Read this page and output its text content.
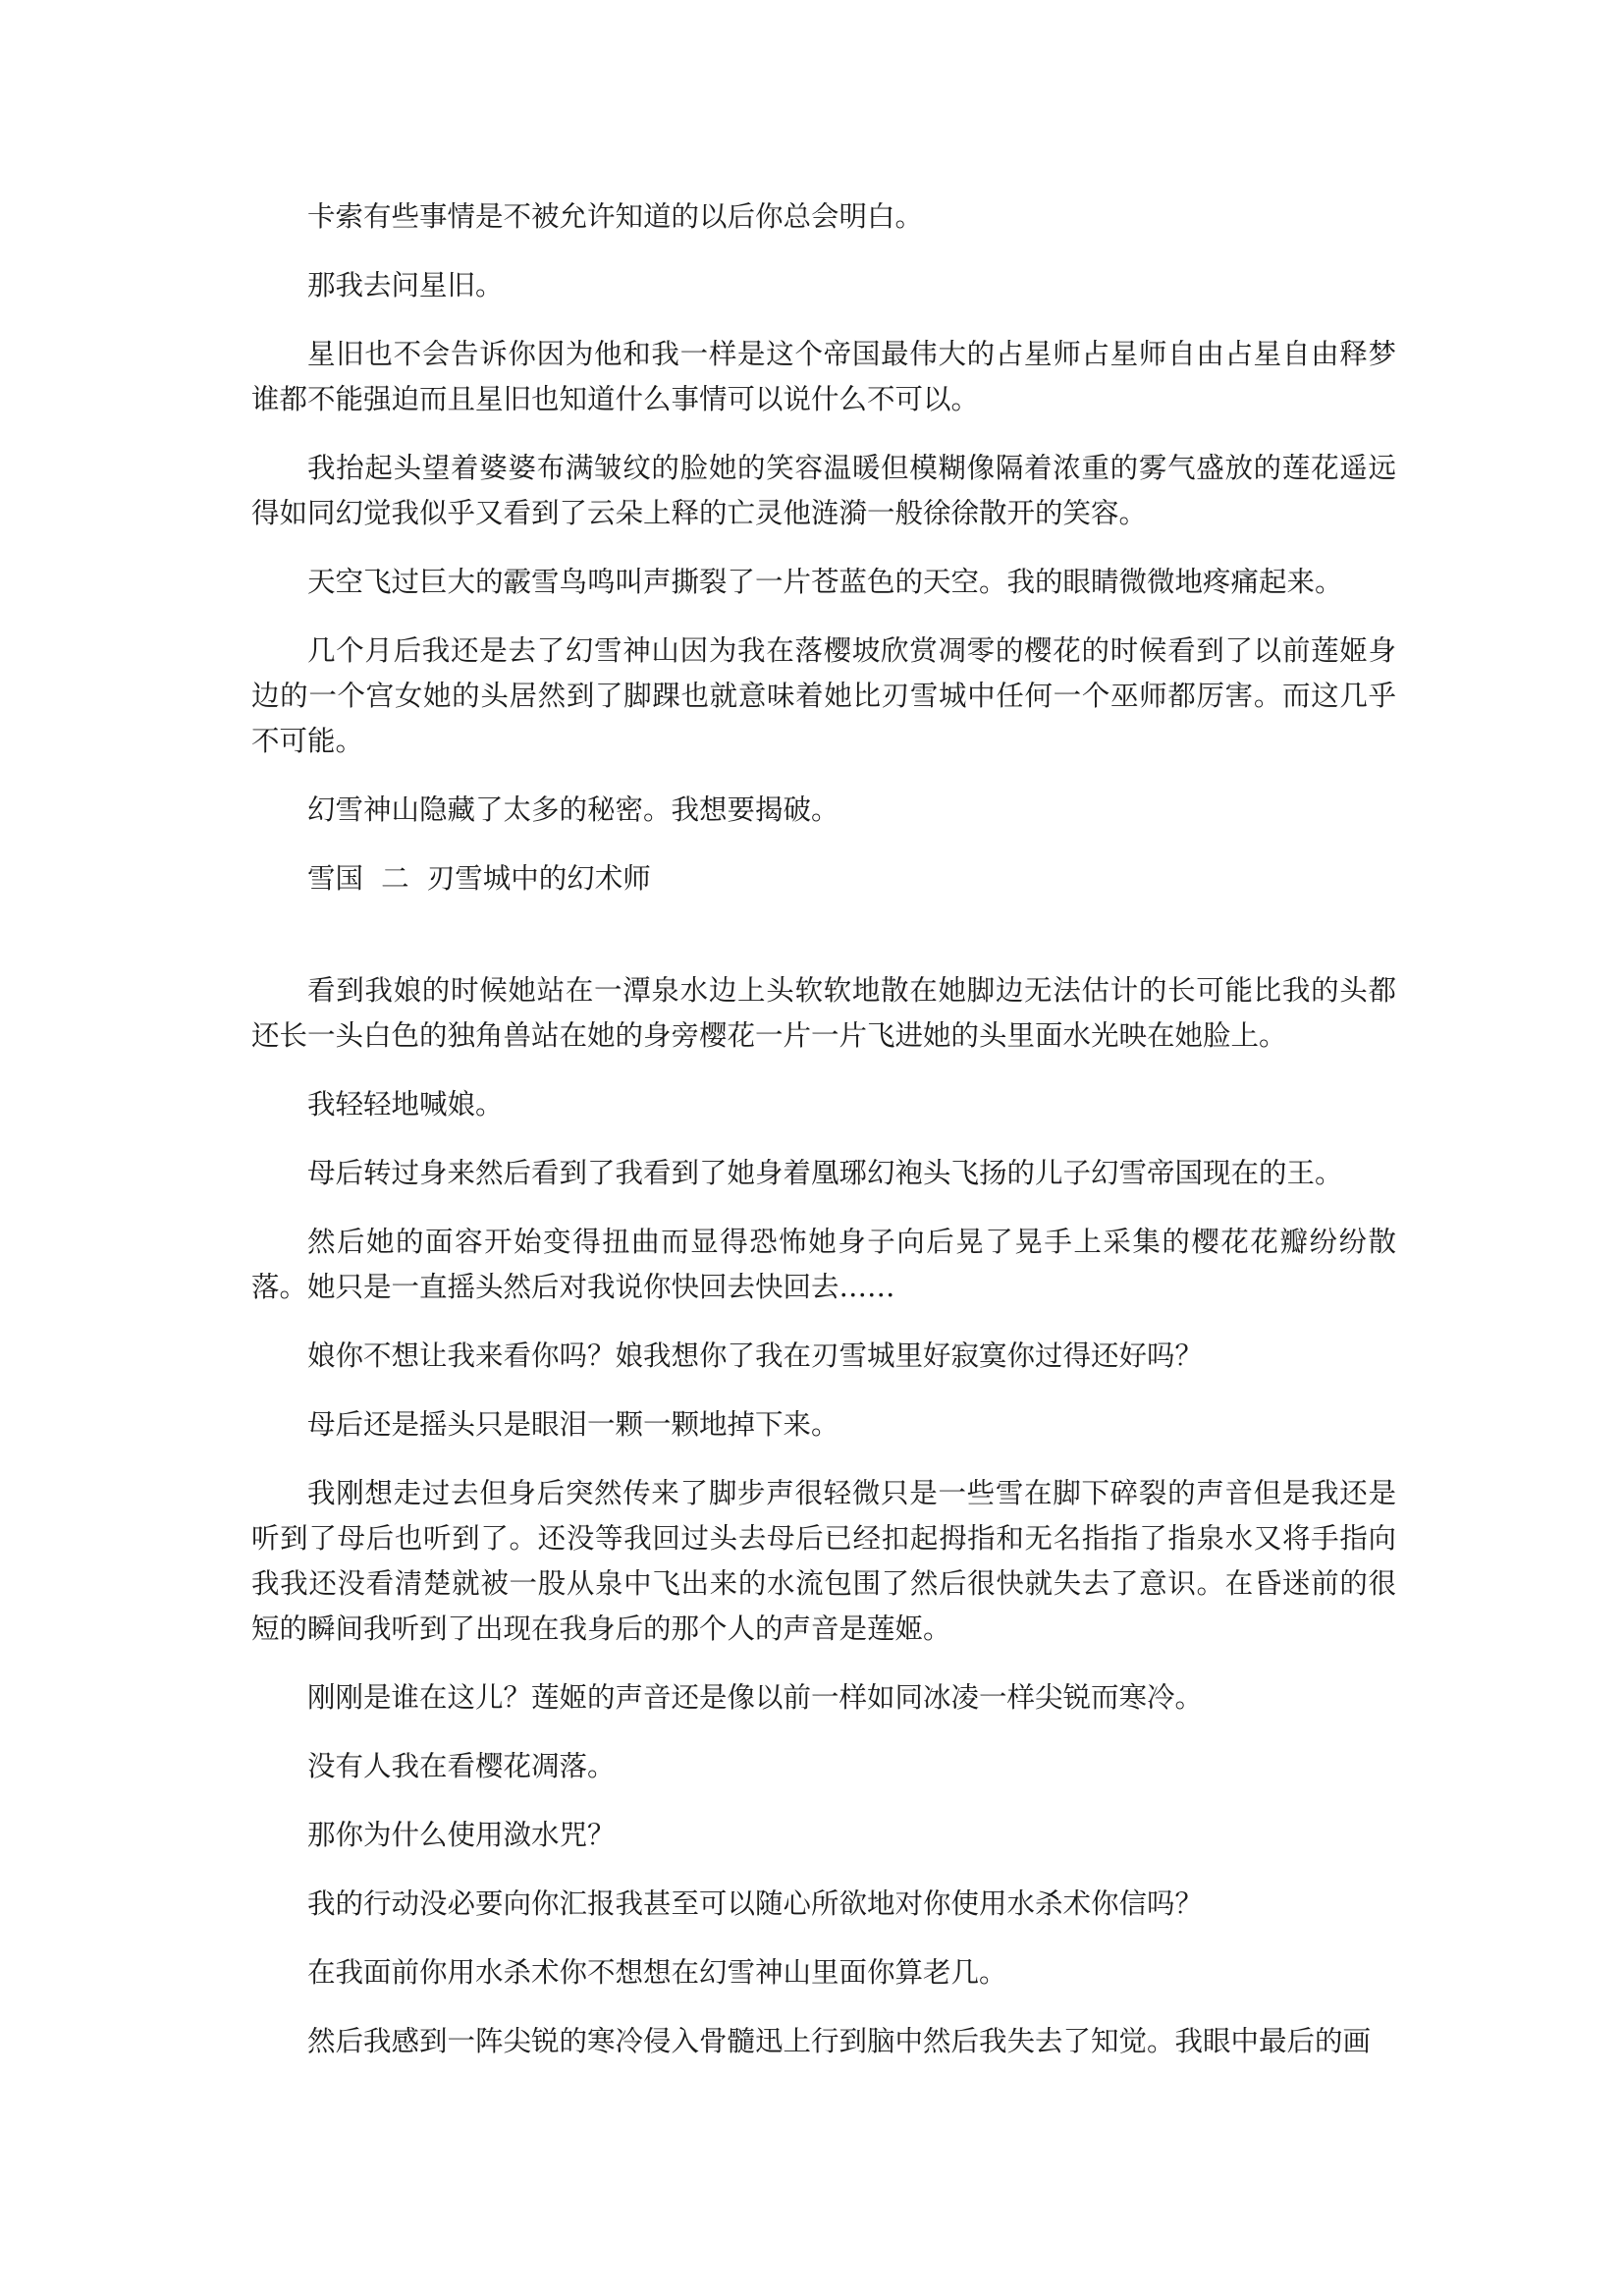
卡索有些事情是不被允许知道的以后你总会明白。

那我去问星旧。

星旧也不会告诉你因为他和我一样是这个帝国最伟大的占星师占星师自由占星自由释梦谁都不能强迫而且星旧也知道什么事情可以说什么不可以。

我抬起头望着婆婆布满皱纹的脸她的笑容温暖但模糊像隔着浓重的雾气盛放的莲花遥远得如同幻觉我似乎又看到了云朵上释的亡灵他涟漪一般徐徐散开的笑容。

天空飞过巨大的霰雪鸟鸣叫声撕裂了一片苍蓝色的天空。我的眼睛微微地疼痛起来。

几个月后我还是去了幻雪神山因为我在落樱坡欣赏凋零的樱花的时候看到了以前莲姬身边的一个宫女她的头居然到了脚踝也就意味着她比刃雪城中任何一个巫师都厉害。而这几乎不可能。

幻雪神山隐藏了太多的秘密。我想要揭破。

雪国  二  刃雪城中的幻术师

看到我娘的时候她站在一潭泉水边上头软软地散在她脚边无法估计的长可能比我的头都还长一头白色的独角兽站在她的身旁樱花一片一片飞进她的头里面水光映在她脸上。

我轻轻地喊娘。

母后转过身来然后看到了我看到了她身着凰琊幻袍头飞扬的儿子幻雪帝国现在的王。

然后她的面容开始变得扭曲而显得恐怖她身子向后晃了晃手上采集的樱花花瓣纷纷散落。她只是一直摇头然后对我说你快回去快回去……

娘你不想让我来看你吗？娘我想你了我在刃雪城里好寂寞你过得还好吗？

母后还是摇头只是眼泪一颗一颗地掉下来。

我刚想走过去但身后突然传来了脚步声很轻微只是一些雪在脚下碎裂的声音但是我还是听到了母后也听到了。还没等我回过头去母后已经扣起拇指和无名指指了指泉水又将手指向我我还没看清楚就被一股从泉中飞出来的水流包围了然后很快就失去了意识。在昏迷前的很短的瞬间我听到了出现在我身后的那个人的声音是莲姬。

刚刚是谁在这儿？莲姬的声音还是像以前一样如同冰凌一样尖锐而寒冷。

没有人我在看樱花凋落。

那你为什么使用潋水咒？

我的行动没必要向你汇报我甚至可以随心所欲地对你使用水杀术你信吗？

在我面前你用水杀术你不想想在幻雪神山里面你算老几。

然后我感到一阵尖锐的寒冷侵入骨髓迅上行到脑中然后我失去了知觉。我眼中最后的画
